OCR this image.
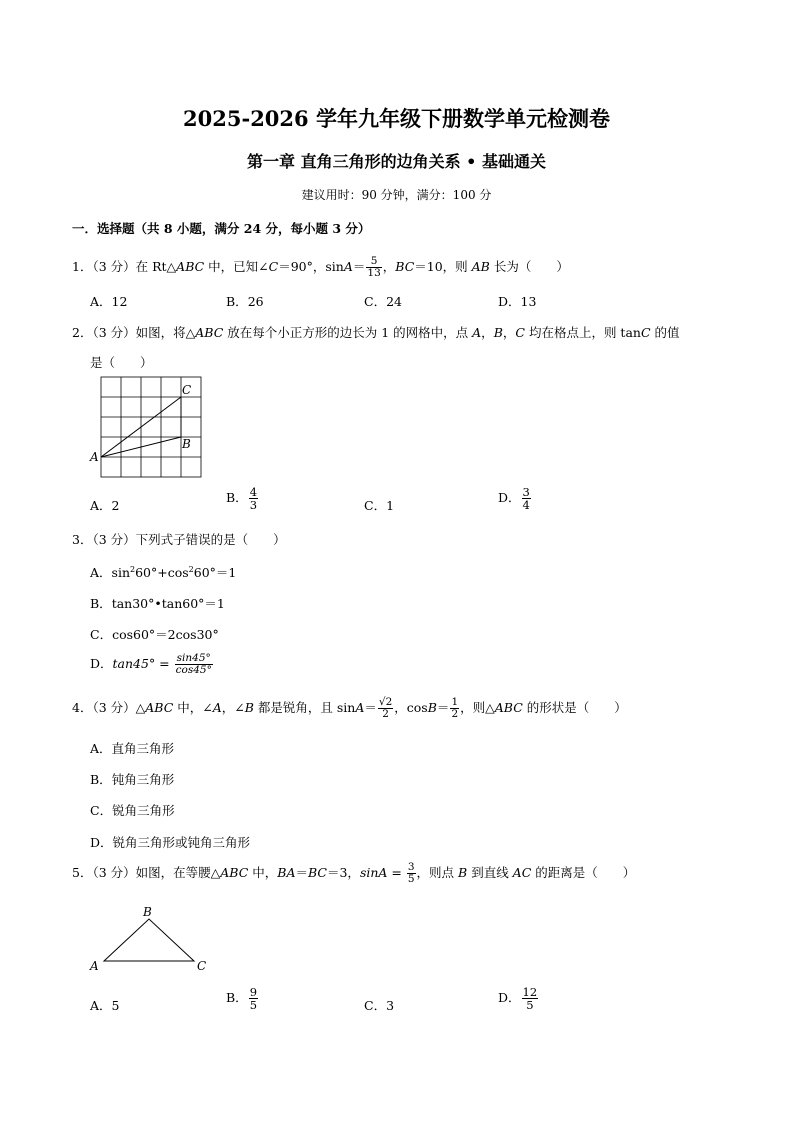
2025-2026 学年九年级下册数学单元检测卷
第一章 直角三角形的边角关系 • 基础通关
建议用时：90 分钟，满分：100 分
一．选择题（共 8 小题，满分 24 分，每小题 3 分）
1．（3 分）在 Rt△ABC 中，已知∠C＝90°，$\sin A= \frac{5}{13}$ ，BC＝10，则 AB 长为（　　）
A．12	B．26	C．24	D．13
2．（3 分）如图，将△ABC 放在每个小正方形的边长为 1 的网格中，点 A，B，C 均在格点上，则 tanC 的值
是（　　）
A
C
B
A．2
B． $\frac{4}{3}$	C．1
D． $\frac{3}{4}$
3．（3 分）下列式子错误的是（　　）
A．$\sin^260^\circ+\cos^260^\circ=1$
B．tan30°•tan60°＝1
C．cos60°＝2cos30°
D．$\tan 45^\circ = \frac{\sin 45^\circ}{\cos 45^\circ}$
4．（3 分）△ABC 中，∠A，∠B 都是锐角，且 $\sin A= \frac{√2}{2}$ ，$\cos B= \frac{1}{2}$ ，则△ABC 的形状是（　　）
A．直角三角形
B．钝角三角形
C．锐角三角形
D．锐角三角形或钝角三角形
5．（3 分）如图，在等腰△ABC 中，BA＝BC＝3，$\sin A = \frac{3}{5}$ ，则点 B 到直线 AC 的距离是（　　）
A
B
C
A．5
B． $\frac{9}{5}$	C．3
D． $\frac{12}{5}$
